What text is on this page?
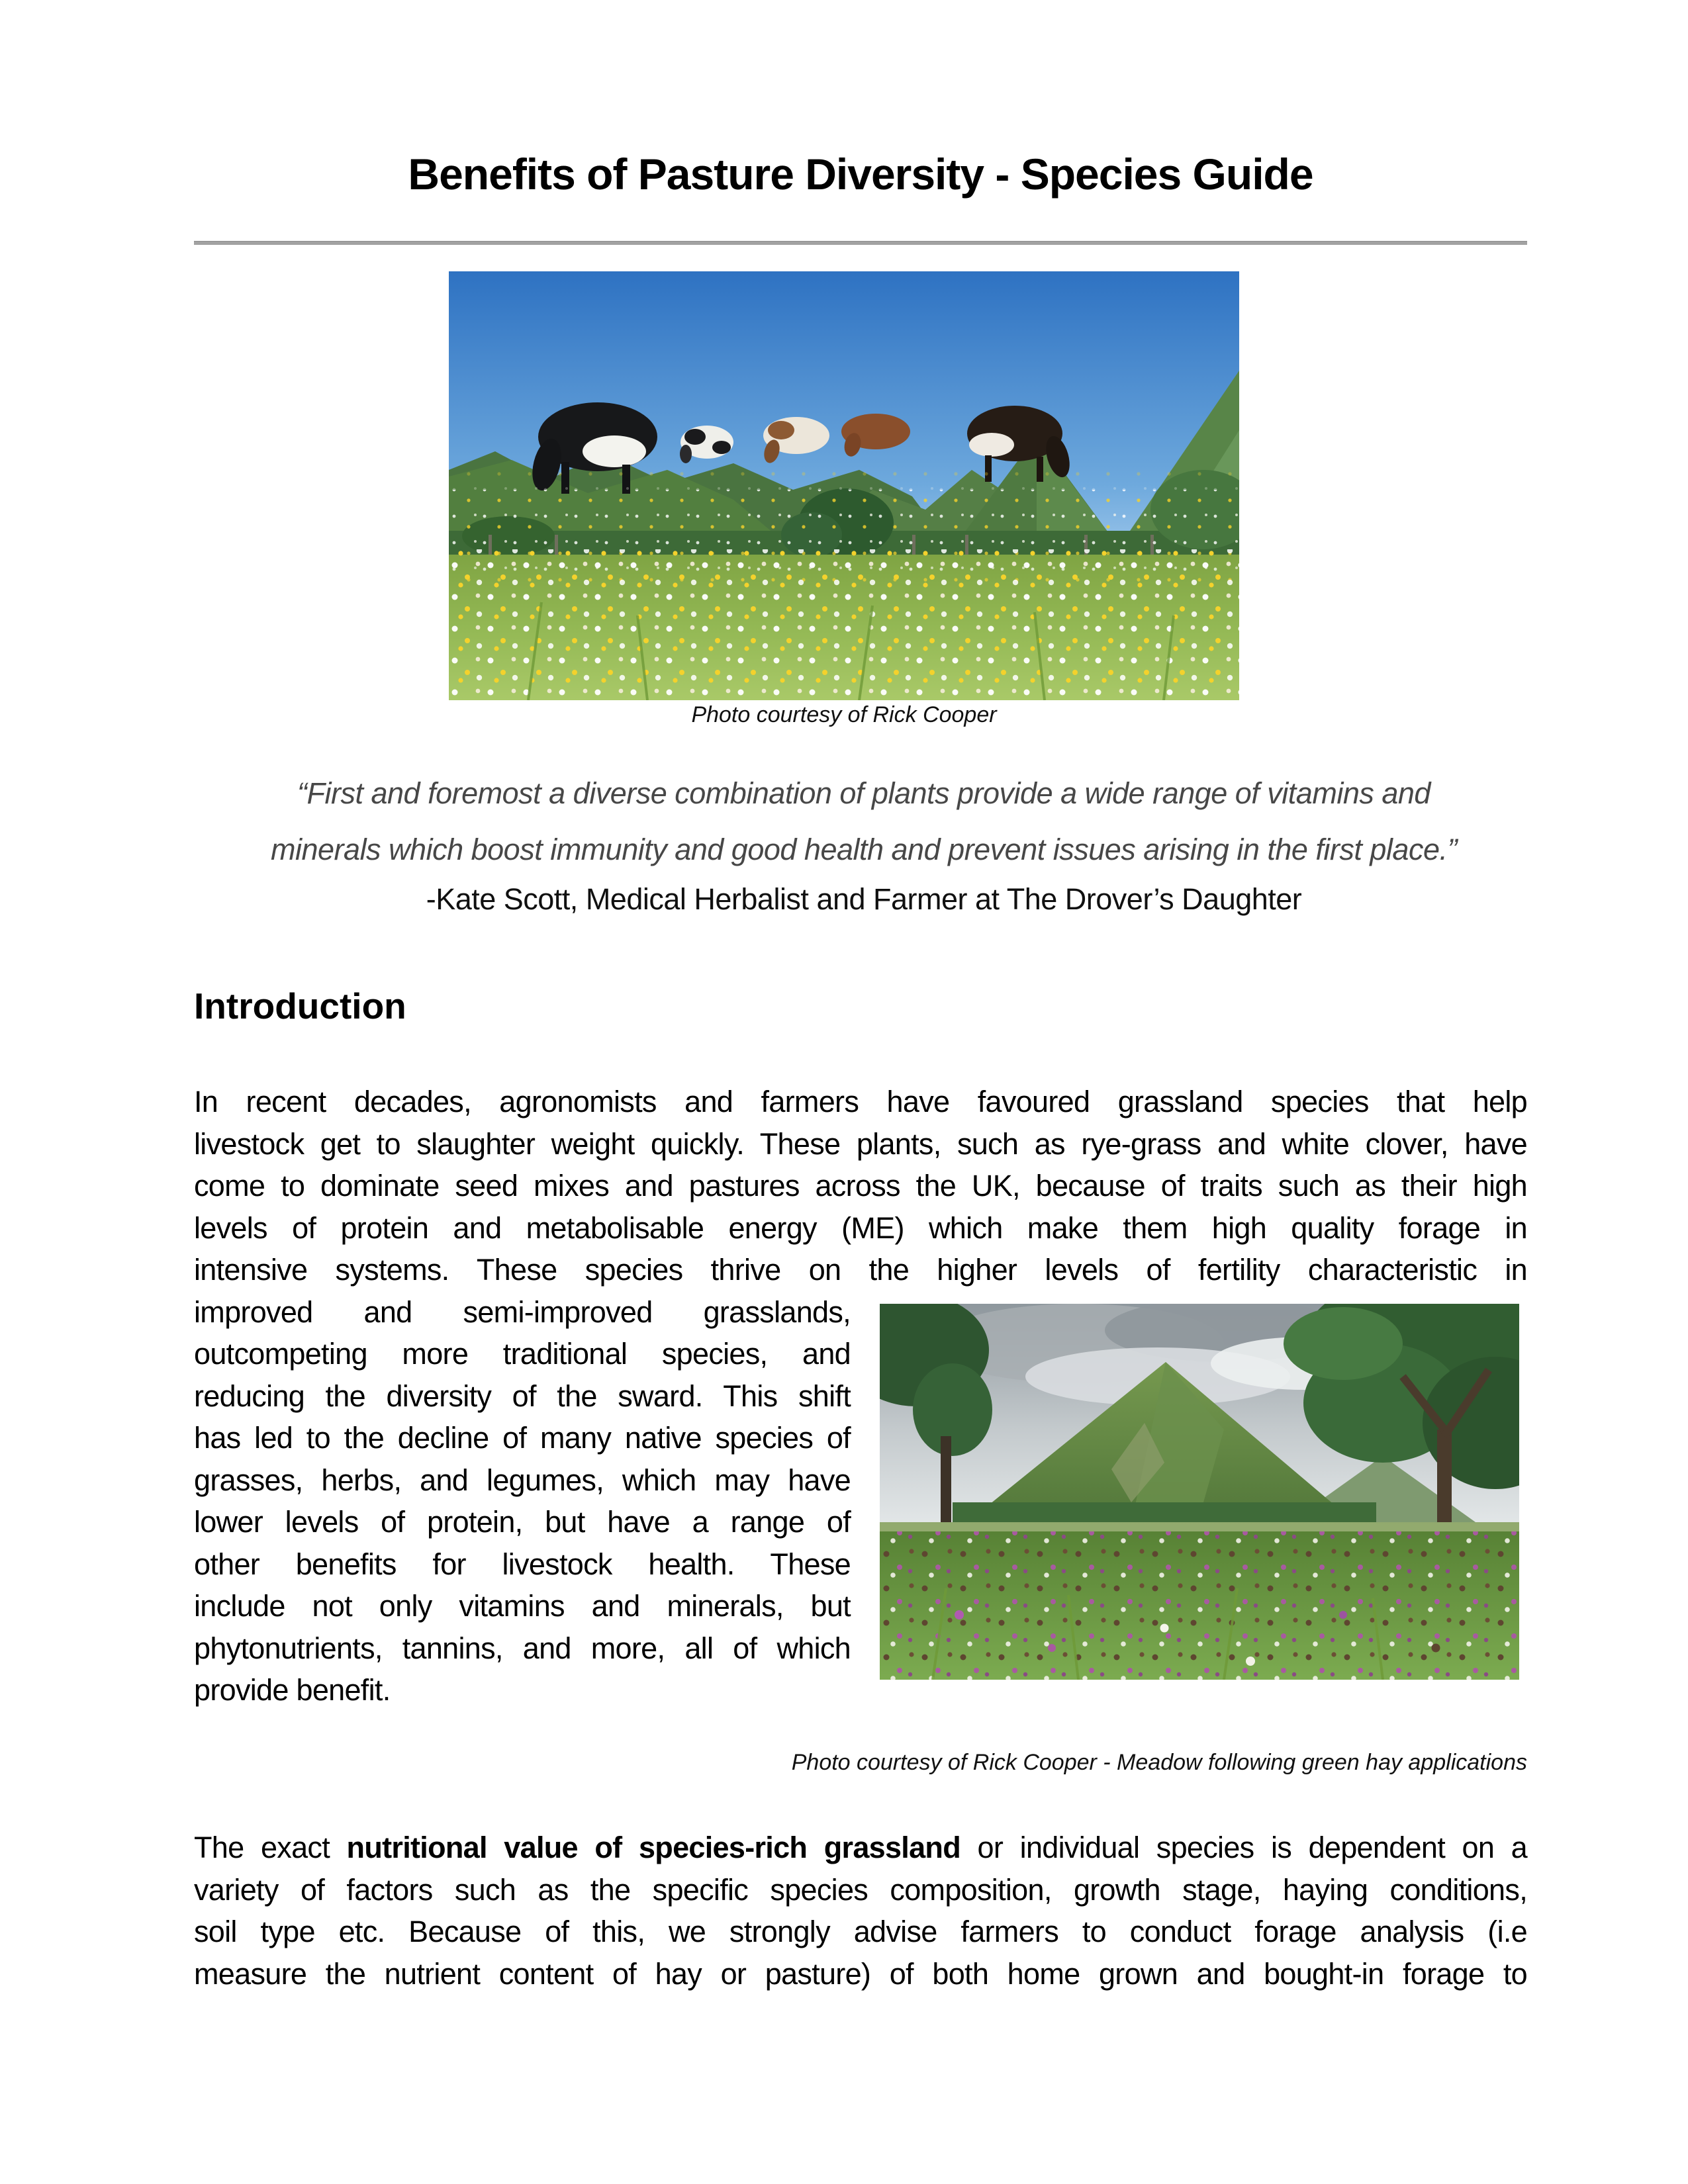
Benefits of Pasture Diversity - Species Guide
Photo courtesy of Rick Cooper
“First and foremost a diverse combination of plants provide a wide range of vitamins and
minerals which boost immunity and good health and prevent issues arising in the first place.”
-Kate Scott, Medical Herbalist and Farmer at The Drover’s Daughter
Introduction
In recent decades, agronomists and farmers have favoured grassland species that help
livestock get to slaughter weight quickly. These plants, such as rye-grass and white clover, have
come to dominate seed mixes and pastures across the UK, because of traits such as their high
levels of protein and metabolisable energy (ME) which make them high quality forage in
intensive systems. These species thrive on the higher levels of fertility characteristic in
improved and semi-improved grasslands,
outcompeting more traditional species, and
reducing the diversity of the sward. This shift
has led to the decline of many native species of
grasses, herbs, and legumes, which may have
lower levels of protein, but have a range of
other benefits for livestock health. These
include not only vitamins and minerals, but
phytonutrients, tannins, and more, all of which
provide benefit.
Photo courtesy of Rick Cooper - Meadow following green hay applications
The exact nutritional value of species-rich grassland or individual species is dependent on a
variety of factors such as the specific species composition, growth stage, haying conditions,
soil type etc. Because of this, we strongly advise farmers to conduct forage analysis (i.e
measure the nutrient content of hay or pasture) of both home grown and bought-in forage to
